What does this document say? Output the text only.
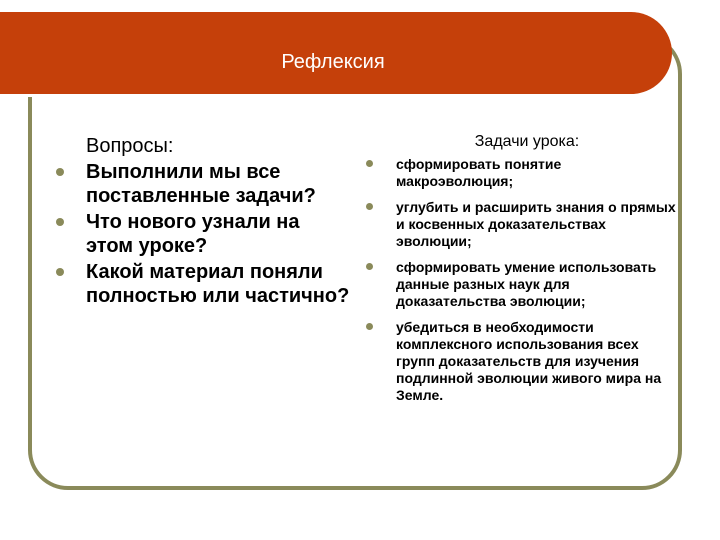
Рефлексия
Вопросы:
Выполнили мы все поставленные задачи?
Что нового узнали на этом уроке?
Какой материал поняли полностью или частично?
Задачи урока:
сформировать понятие макроэволюция;
углубить и расширить знания о прямых и косвенных доказательствах эволюции;
сформировать умение использовать данные разных наук для доказательства эволюции;
убедиться в необходимости комплексного использования всех групп доказательств для изучения подлинной эволюции живого мира на Земле.
